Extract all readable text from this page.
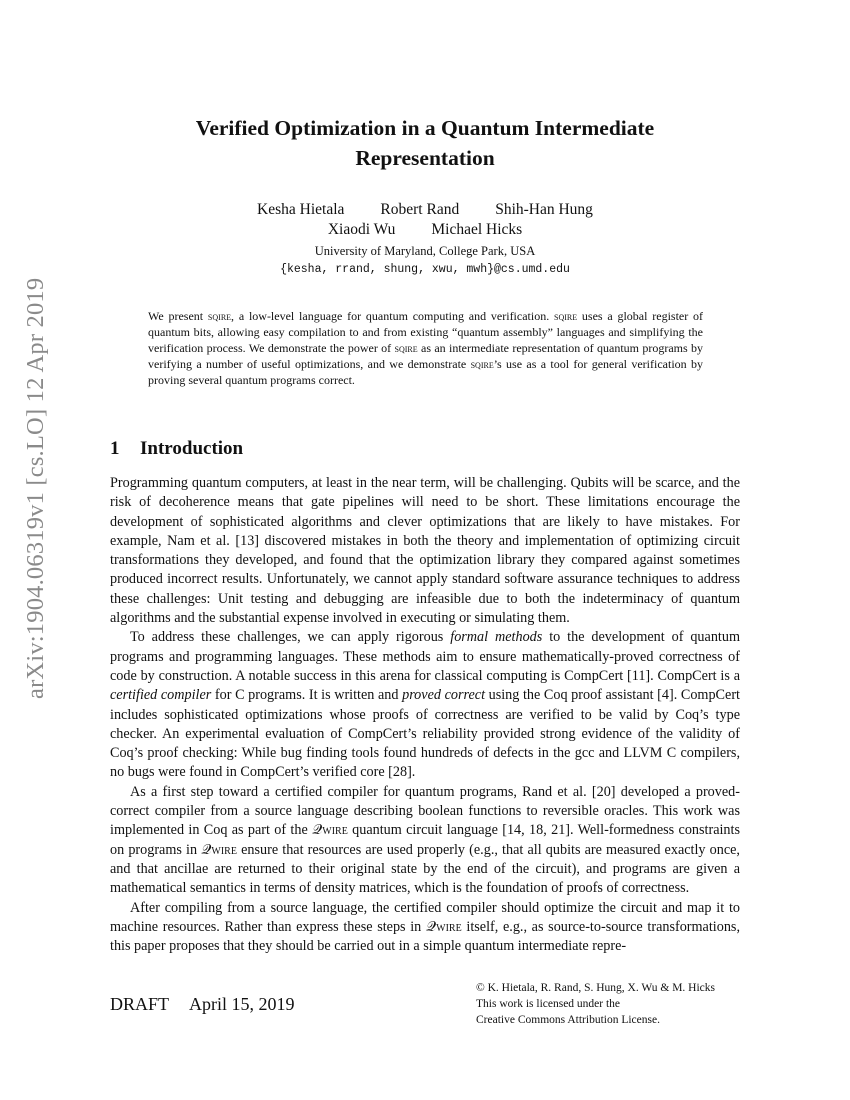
arXiv:1904.06319v1 [cs.LO] 12 Apr 2019
Verified Optimization in a Quantum Intermediate Representation
Kesha Hietala Robert Rand Shih-Han Hung
Xiaodi Wu Michael Hicks
University of Maryland, College Park, USA
{kesha, rrand, shung, xwu, mwh}@cs.umd.edu

We present sqire, a low-level language for quantum computing and verification. sqire uses a global register of quantum bits, allowing easy compilation to and from existing “quantum assembly” languages and simplifying the verification process. We demonstrate the power of sqire as an intermediate representation of quantum programs by verifying a number of useful optimizations, and we demonstrate sqire’s use as a tool for general verification by proving several quantum programs correct.

1 Introduction

Programming quantum computers, at least in the near term, will be challenging. Qubits will be scarce, and the risk of decoherence means that gate pipelines will need to be short. These limitations encourage the development of sophisticated algorithms and clever optimizations that are likely to have mistakes. For example, Nam et al. [13] discovered mistakes in both the theory and implementation of optimizing circuit transformations they developed, and found that the optimization library they compared against sometimes produced incorrect results. Unfortunately, we cannot apply standard software assurance techniques to address these challenges: Unit testing and debugging are infeasible due to both the indeterminacy of quantum algorithms and the substantial expense involved in executing or simulating them.

To address these challenges, we can apply rigorous formal methods to the development of quantum programs and programming languages. These methods aim to ensure mathematically-proved correctness of code by construction. A notable success in this arena for classical computing is CompCert [11]. CompCert is a certified compiler for C programs. It is written and proved correct using the Coq proof assistant [4]. CompCert includes sophisticated optimizations whose proofs of correctness are verified to be valid by Coq’s type checker. An experimental evaluation of CompCert’s reliability provided strong evidence of the validity of Coq’s proof checking: While bug finding tools found hundreds of defects in the gcc and LLVM C compilers, no bugs were found in CompCert’s verified core [28].

As a first step toward a certified compiler for quantum programs, Rand et al. [20] developed a proved-correct compiler from a source language describing boolean functions to reversible oracles. This work was implemented in Coq as part of the 𝒬wire quantum circuit language [14, 18, 21]. Well-formedness constraints on programs in 𝒬wire ensure that resources are used properly (e.g., that all qubits are measured exactly once, and that ancillae are returned to their original state by the end of the circuit), and programs are given a mathematical semantics in terms of density matrices, which is the foundation of proofs of correctness.

After compiling from a source language, the certified compiler should optimize the circuit and map it to machine resources. Rather than express these steps in 𝒬wire itself, e.g., as source-to-source transformations, this paper proposes that they should be carried out in a simple quantum intermediate repre-

DRAFT April 15, 2019
© K. Hietala, R. Rand, S. Hung, X. Wu & M. Hicks
This work is licensed under the
Creative Commons Attribution License.
